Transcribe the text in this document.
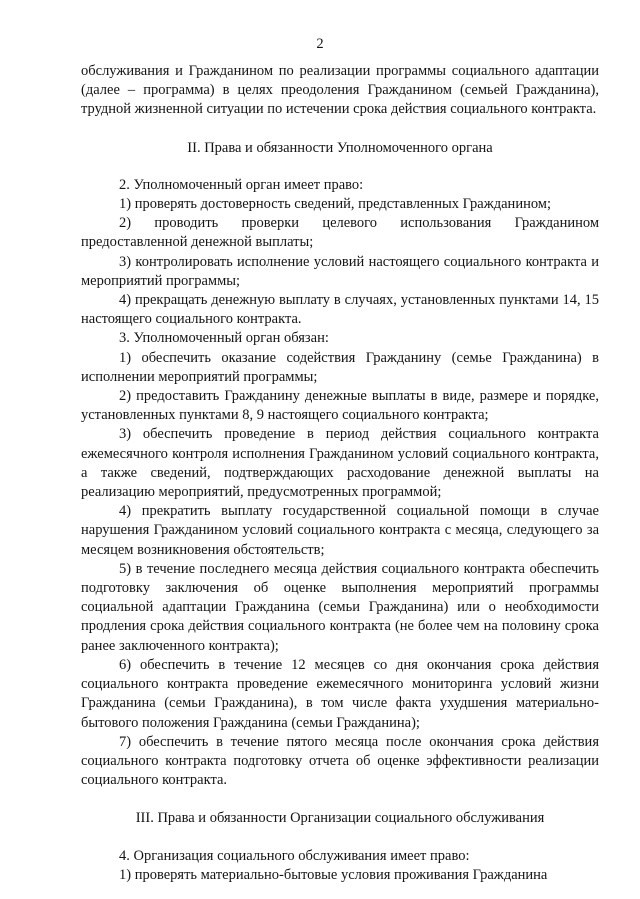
2

обслуживания и Гражданином по реализации программы социального адаптации (далее – программа) в целях преодоления Гражданином (семьей Гражданина), трудной жизненной ситуации по истечении срока действия социального контракта.

II. Права и обязанности Уполномоченного органа

2. Уполномоченный орган имеет право:

1) проверять достоверность сведений, представленных Гражданином;

2) проводить проверки целевого использования Гражданином предоставленной денежной выплаты;

3) контролировать исполнение условий настоящего социального контракта и мероприятий программы;

4) прекращать денежную выплату в случаях, установленных пунктами 14, 15 настоящего социального контракта.

3. Уполномоченный орган обязан:

1) обеспечить оказание содействия Гражданину (семье Гражданина) в исполнении мероприятий программы;

2) предоставить Гражданину денежные выплаты в виде, размере и порядке, установленных пунктами 8, 9 настоящего социального контракта;

3) обеспечить проведение в период действия социального контракта ежемесячного контроля исполнения Гражданином условий социального контракта, а также сведений, подтверждающих расходование денежной выплаты на реализацию мероприятий, предусмотренных программой;

4) прекратить выплату государственной социальной помощи в случае нарушения Гражданином условий социального контракта с месяца, следующего за месяцем возникновения обстоятельств;

5) в течение последнего месяца действия социального контракта обеспечить подготовку заключения об оценке выполнения мероприятий программы социальной адаптации Гражданина (семьи Гражданина) или о необходимости продления срока действия социального контракта (не более чем на половину срока ранее заключенного контракта);

6) обеспечить в течение 12 месяцев со дня окончания срока действия социального контракта проведение ежемесячного мониторинга условий жизни Гражданина (семьи Гражданина), в том числе факта ухудшения материально-бытового положения Гражданина (семьи Гражданина);

7) обеспечить в течение пятого месяца после окончания срока действия социального контракта подготовку отчета об оценке эффективности реализации социального контракта.

III. Права и обязанности Организации социального обслуживания

4. Организация социального обслуживания имеет право:

1) проверять материально-бытовые условия проживания Гражданина
